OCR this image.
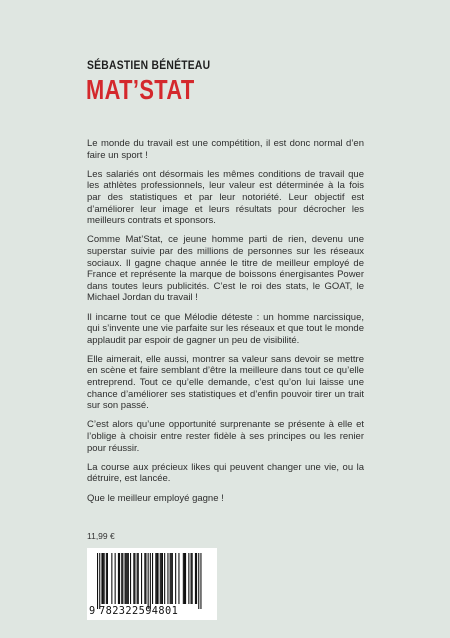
SÉBASTIEN BÉNÉTEAU
MAT’STAT

Le monde du travail est une compétition, il est donc normal d’en faire un sport !

Les salariés ont désormais les mêmes conditions de travail que les athlètes professionnels, leur valeur est déterminée à la fois par des statistiques et par leur notoriété. Leur objectif est d’améliorer leur image et leurs résultats pour décrocher les meilleurs contrats et sponsors.

Comme Mat’Stat, ce jeune homme parti de rien, devenu une superstar suivie par des millions de personnes sur les réseaux sociaux. Il gagne chaque année le titre de meilleur employé de France et représente la marque de boissons énergisantes Power dans toutes leurs publicités. C’est le roi des stats, le GOAT, le Michael Jordan du travail !

Il incarne tout ce que Mélodie déteste : un homme narcissique, qui s’invente une vie parfaite sur les réseaux et que tout le monde applaudit par espoir de gagner un peu de visibilité.

Elle aimerait, elle aussi, montrer sa valeur sans devoir se mettre en scène et faire semblant d’être la meilleure dans tout ce qu’elle entreprend. Tout ce qu’elle demande, c’est qu’on lui laisse une chance d’améliorer ses statistiques et d’enfin pouvoir tirer un trait sur son passé.

C’est alors qu’une opportunité surprenante se présente à elle et l’oblige à choisir entre rester fidèle à ses principes ou les renier pour réussir.

La course aux précieux likes qui peuvent changer une vie, ou la détruire, est lancée.

Que le meilleur employé gagne !

11,99 €
9 782322594801
